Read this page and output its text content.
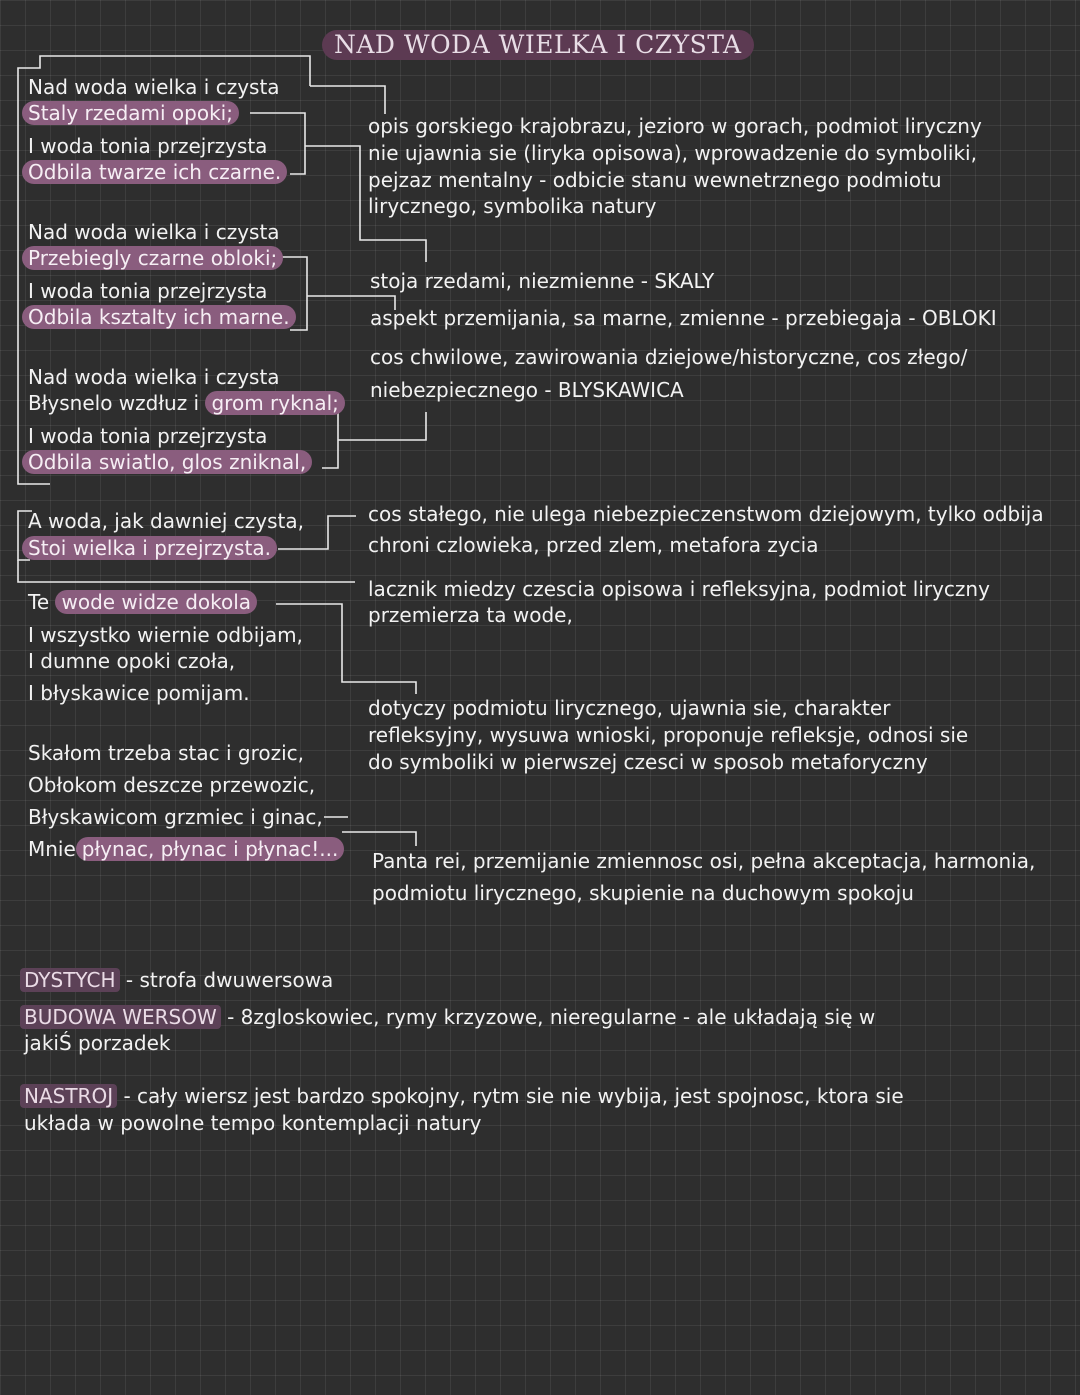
NAD WODA WIELKA I CZYSTA
Nad woda wielka i czysta
Staly rzedami opoki;
I woda tonia przejrzysta
Odbila twarze ich czarne.
Nad woda wielka i czysta
Przebiegly czarne obloki;
I woda tonia przejrzysta
Odbila ksztalty ich marne.
Nad woda wielka i czysta
Błysnelo wzdłuz i grom ryknal;
I woda tonia przejrzysta
Odbila swiatlo, glos zniknal,
A woda, jak dawniej czysta,
Stoi wielka i przejrzysta.
Te wode widze dokola
I wszystko wiernie odbijam,
I dumne opoki czoła,
I błyskawice pomijam.
Skałom trzeba stac i grozic,
Obłokom deszcze przewozic,
Błyskawicom grzmiec i ginac,
Mnie płynac, płynac i płynac!...
opis gorskiego krajobrazu, jezioro w gorach, podmiot liryczny
nie ujawnia sie (liryka opisowa), wprowadzenie do symboliki,
pejzaz mentalny - odbicie stanu wewnetrznego podmiotu
lirycznego, symbolika natury
stoja rzedami, niezmienne - SKALY
aspekt przemijania, sa marne, zmienne - przebiegaja - OBLOKI
cos chwilowe, zawirowania dziejowe/historyczne, cos złego/
niebezpiecznego - BLYSKAWICA
cos stałego, nie ulega niebezpieczenstwom dziejowym, tylko odbija
chroni czlowieka, przed zlem, metafora zycia
lacznik miedzy czescia opisowa i refleksyjna, podmiot liryczny
przemierza ta wode,
dotyczy podmiotu lirycznego, ujawnia sie, charakter
refleksyjny, wysuwa wnioski, proponuje refleksje, odnosi sie
do symboliki w pierwszej czesci w sposob metaforyczny
Panta rei, przemijanie zmiennosc osi, pełna akceptacja, harmonia,
podmiotu lirycznego, skupienie na duchowym spokoju
DYSTYCH - strofa dwuwersowa
BUDOWA WERSOW - 8zgloskowiec, rymy krzyzowe, nieregularne - ale układają się w
jakiŚ porzadek
NASTROJ - cały wiersz jest bardzo spokojny, rytm sie nie wybija, jest spojnosc, ktora sie
układa w powolne tempo kontemplacji natury
